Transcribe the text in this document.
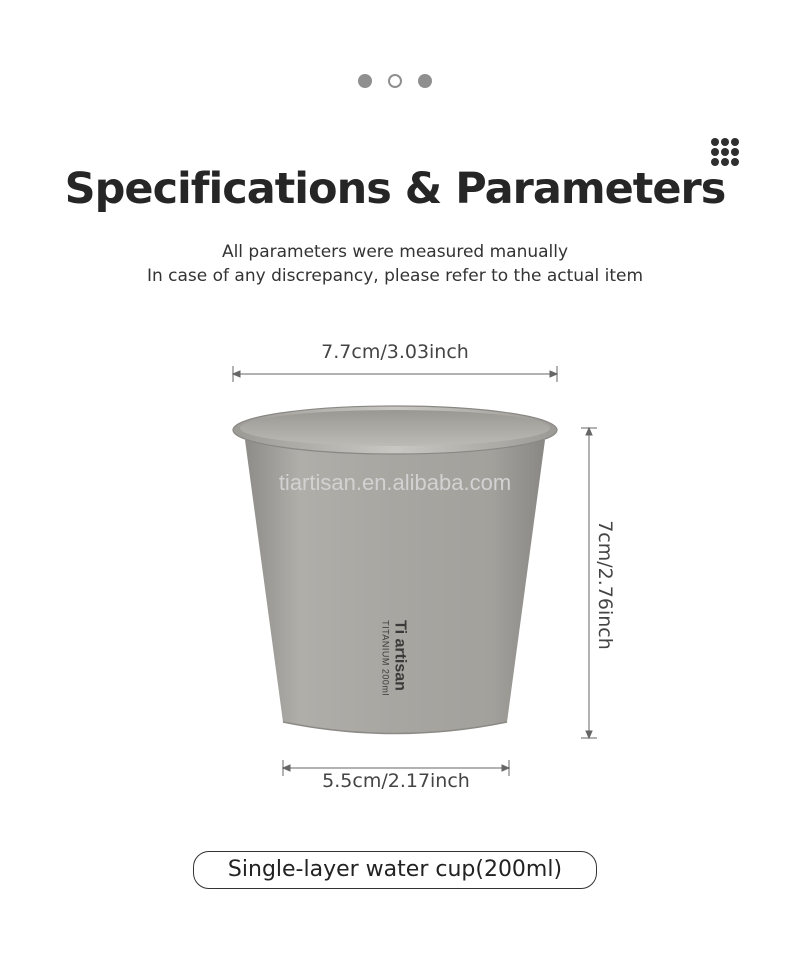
Specifications & Parameters
All parameters were measured manually
In case of any discrepancy, please refer to the actual item
7.7cm/3.03inch
tiartisan.en.alibaba.com
Ti artisan
TITANIUM 200ml
7cm/2.76inch
5.5cm/2.17inch
Single-layer water cup(200ml)
